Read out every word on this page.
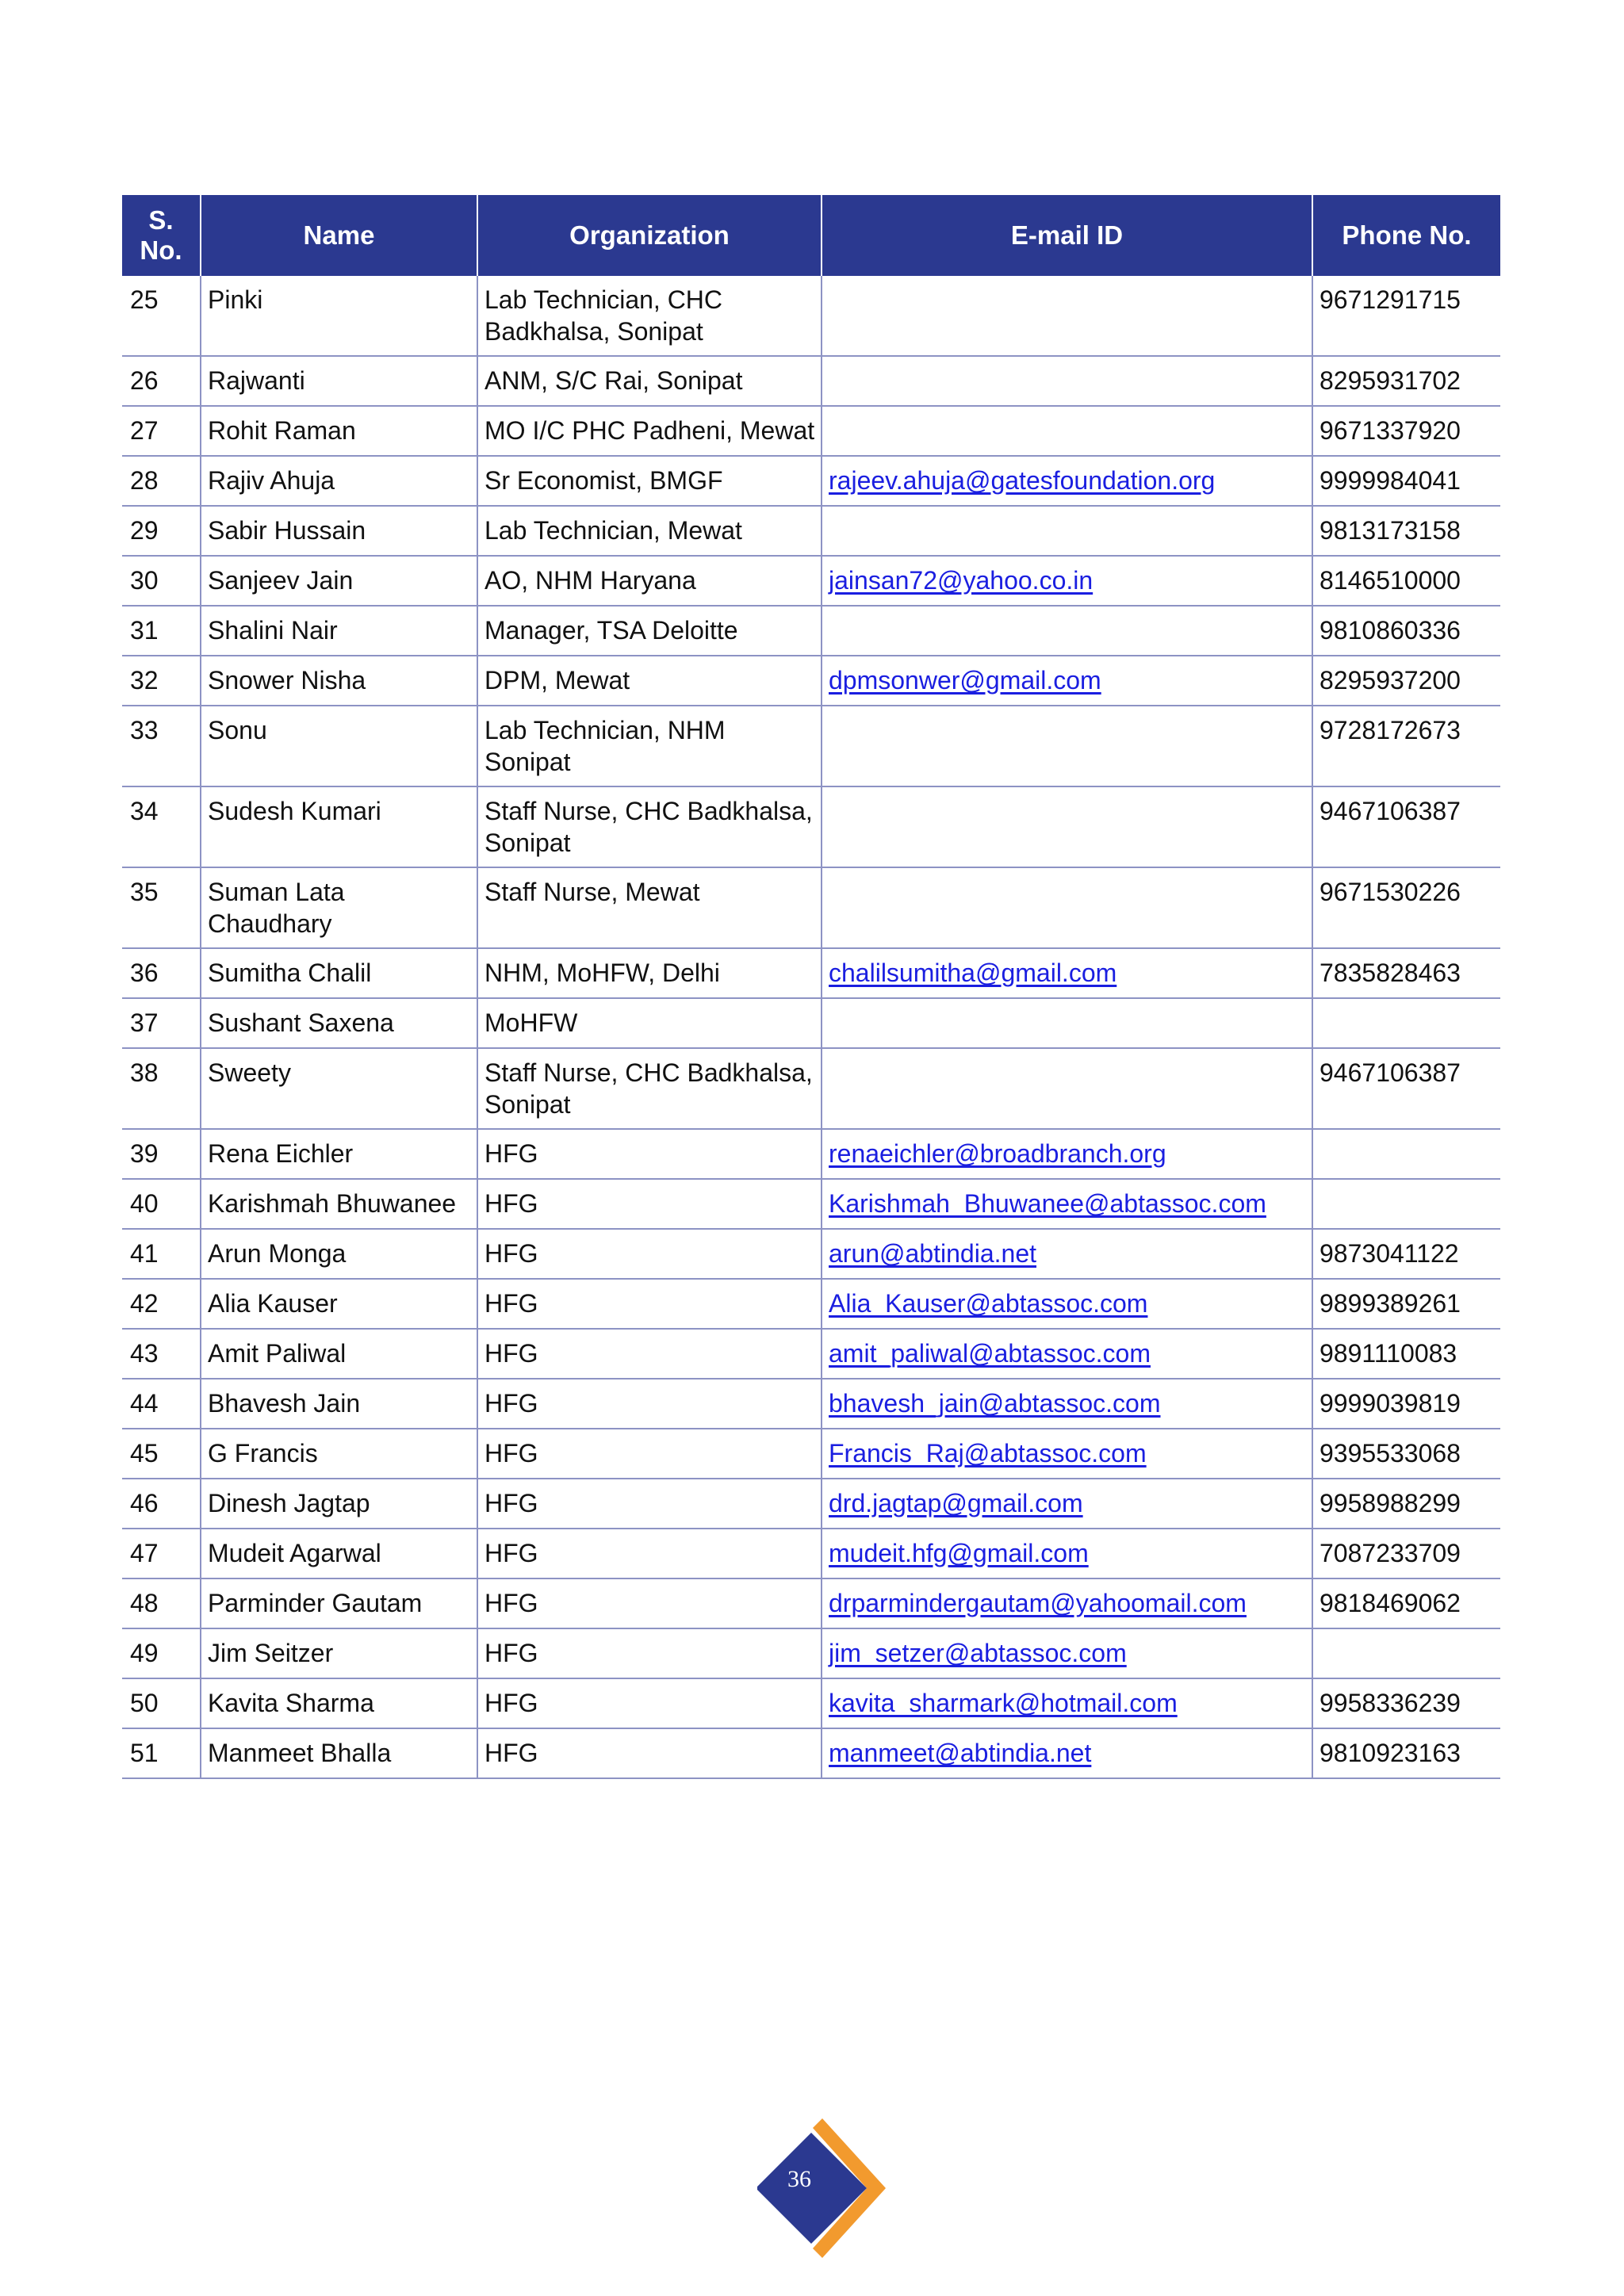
S. No.	Name	Organization	E-mail ID	Phone No.
25	Pinki	Lab Technician, CHC Badkhalsa, Sonipat		9671291715
26	Rajwanti	ANM, S/C Rai, Sonipat		8295931702
27	Rohit Raman	MO I/C PHC Padheni, Mewat		9671337920
28	Rajiv Ahuja	Sr Economist, BMGF	rajeev.ahuja@gatesfoundation.org	9999984041
29	Sabir Hussain	Lab Technician, Mewat		9813173158
30	Sanjeev Jain	AO, NHM Haryana	jainsan72@yahoo.co.in	8146510000
31	Shalini Nair	Manager, TSA Deloitte		9810860336
32	Snower Nisha	DPM, Mewat	dpmsonwer@gmail.com	8295937200
33	Sonu	Lab Technician, NHM Sonipat		9728172673
34	Sudesh Kumari	Staff Nurse, CHC Badkhalsa, Sonipat		9467106387
35	Suman Lata Chaudhary	Staff Nurse, Mewat		9671530226
36	Sumitha Chalil	NHM, MoHFW, Delhi	chalilsumitha@gmail.com	7835828463
37	Sushant Saxena	MoHFW		
38	Sweety	Staff Nurse, CHC Badkhalsa, Sonipat		9467106387
39	Rena Eichler	HFG	renaeichler@broadbranch.org	
40	Karishmah Bhuwanee	HFG	Karishmah_Bhuwanee@abtassoc.com	
41	Arun Monga	HFG	arun@abtindia.net	9873041122
42	Alia Kauser	HFG	Alia_Kauser@abtassoc.com	9899389261
43	Amit Paliwal	HFG	amit_paliwal@abtassoc.com	9891110083
44	Bhavesh Jain	HFG	bhavesh_jain@abtassoc.com	9999039819
45	G Francis	HFG	Francis_Raj@abtassoc.com	9395533068
46	Dinesh Jagtap	HFG	drd.jagtap@gmail.com	9958988299
47	Mudeit Agarwal	HFG	mudeit.hfg@gmail.com	7087233709
48	Parminder Gautam	HFG	drparmindergautam@yahoomail.com	9818469062
49	Jim Seitzer	HFG	jim_setzer@abtassoc.com	
50	Kavita Sharma	HFG	kavita_sharmark@hotmail.com	9958336239
51	Manmeet Bhalla	HFG	manmeet@abtindia.net	9810923163
36
